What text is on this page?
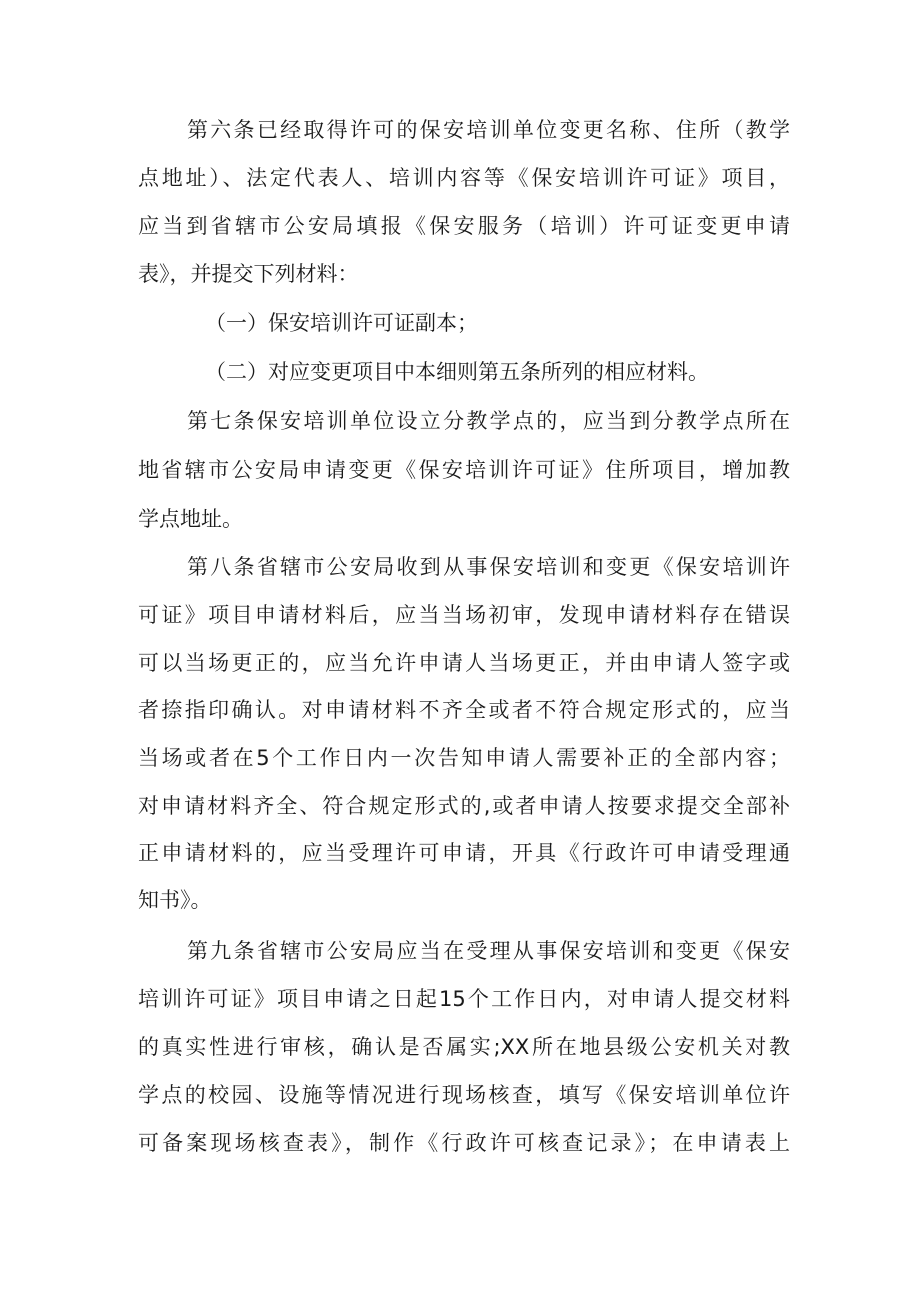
第六条已经取得许可的保安培训单位变更名称、住所（教学
点地址）、法定代表人、培训内容等《保安培训许可证》项目，
应当到省辖市公安局填报《保安服务（培训）许可证变更申请
表》，并提交下列材料：
（一）保安培训许可证副本；
（二）对应变更项目中本细则第五条所列的相应材料。
第七条保安培训单位设立分教学点的，应当到分教学点所在
地省辖市公安局申请变更《保安培训许可证》住所项目，增加教
学点地址。
第八条省辖市公安局收到从事保安培训和变更《保安培训许
可证》项目申请材料后，应当当场初审，发现申请材料存在错误
可以当场更正的，应当允许申请人当场更正，并由申请人签字或
者捺指印确认。对申请材料不齐全或者不符合规定形式的，应当
当场或者在5个工作日内一次告知申请人需要补正的全部内容；
对申请材料齐全、符合规定形式的,或者申请人按要求提交全部补
正申请材料的，应当受理许可申请，开具《行政许可申请受理通
知书》。
第九条省辖市公安局应当在受理从事保安培训和变更《保安
培训许可证》项目申请之日起15个工作日内，对申请人提交材料
的真实性进行审核，确认是否属实;XX所在地县级公安机关对教
学点的校园、设施等情况进行现场核查，填写《保安培训单位许
可备案现场核查表》，制作《行政许可核查记录》；在申请表上
